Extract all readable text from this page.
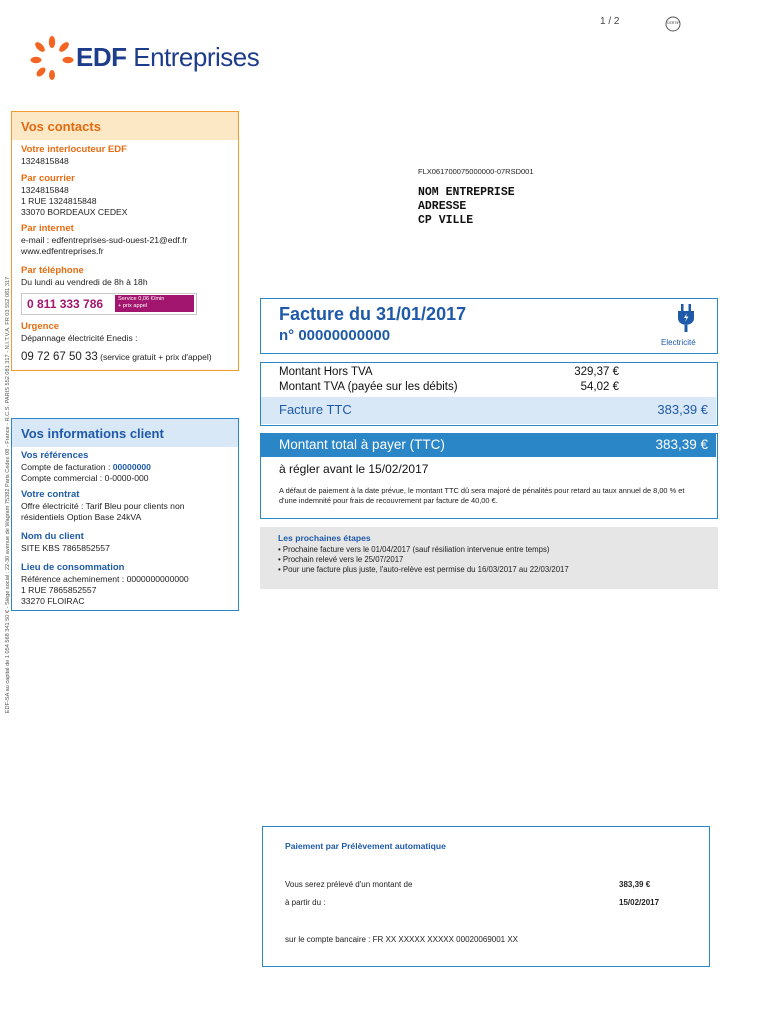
EDF Entreprises
1 / 2	CERTIF
EDF-SA au capital de 1 054 568 341 50 € - Siège social : 22-30 avenue de Wagram 75382 Paris Cedex 08 - France - R.C.S. PARIS 552 081 317 - N.I.T.V.A. FR 03 552 081 317
Vos contacts
Votre interlocuteur EDF
1324815848
Par courrier
1324815848
1 RUE 1324815848
33070 BORDEAUX CEDEX
Par internet
e-mail : edfentreprises-sud-ouest-21@edf.fr
www.edfentreprises.fr
Par téléphone
Du lundi au vendredi de 8h à 18h
0 811 333 786	Service 0,06 €/min
+ prix appel
Urgence
Dépannage électricité Enedis :
09 72 67 50 33 (service gratuit + prix d'appel)
Vos informations client
Vos références
Compte de facturation : 00000000
Compte commercial : 0-0000-000
Votre contrat
Offre électricité : Tarif Bleu pour clients non
résidentiels Option Base 24kVA
Nom du client
SITE KBS 7865852557
Lieu de consommation
Référence acheminement : 0000000000000
1 RUE 7865852557
33270 FLOIRAC
FLX061700075000000-07RSD001
NOM ENTREPRISE
ADRESSE
CP VILLE
Facture du 31/01/2017
n° 00000000000	Electricité
Montant Hors TVA	329,37 €
Montant TVA (payée sur les débits)	54,02 €
Facture TTC	383,39 €
Montant total à payer (TTC)	383,39 €
à régler avant le 15/02/2017
A défaut de paiement à la date prévue, le montant TTC dû sera majoré de pénalités pour retard au taux annuel de 8,00 % et d'une indemnité pour frais de recouvrement par facture de 40,00 €.
Les prochaines étapes
• Prochaine facture vers le 01/04/2017 (sauf résiliation intervenue entre temps)
• Prochain relevé vers le 25/07/2017
• Pour une facture plus juste, l'auto-relève est permise du 16/03/2017 au 22/03/2017
Paiement par Prélèvement automatique
Vous serez prélevé d'un montant de	383,39 €
à partir du :	15/02/2017
sur le compte bancaire : FR XX XXXXX XXXXX 00020069001 XX
